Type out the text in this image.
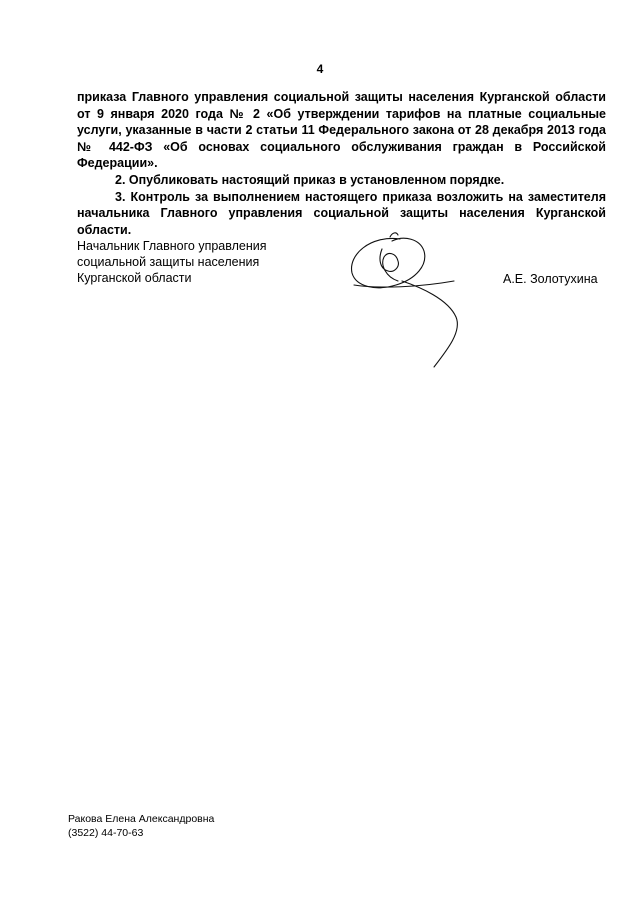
4

приказа Главного управления социальной защиты населения Курганской области от 9 января 2020 года № 2 «Об утверждении тарифов на платные социальные услуги, указанные в части 2 статьи 11 Федерального закона от 28 декабря 2013 года № 442-ФЗ «Об основах социального обслуживания граждан в Российской Федерации».

2. Опубликовать настоящий приказ в установленном порядке.

3. Контроль за выполнением настоящего приказа возложить на заместителя начальника Главного управления социальной защиты населения Курганской области.

Начальник Главного управления
социальной защиты населения
Курганской области	А.Е. Золотухина
Ракова Елена Александровна
(3522) 44-70-63
